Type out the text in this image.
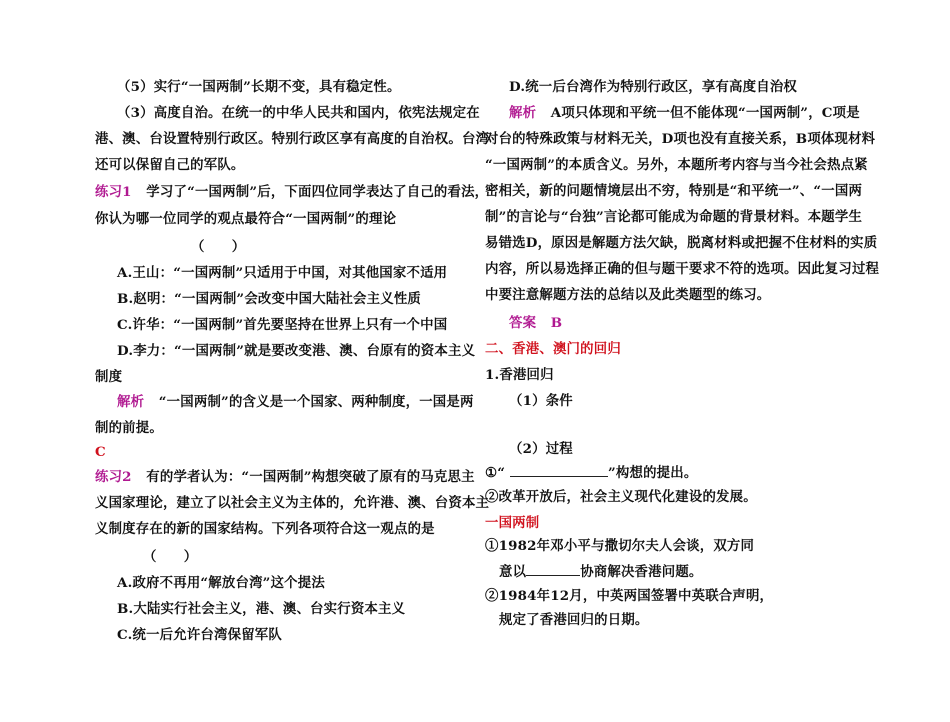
（5）实行“一国两制”长期不变，具有稳定性。
（3）高度自治。在统一的中华人民共和国内，依宪法规定在
港、澳、台设置特别行政区。特别行政区享有高度的自治权。台湾
还可以保留自己的军队。
练习1 学习了“一国两制”后，下面四位同学表达了自己的看法，
你认为哪一位同学的观点最符合“一国两制”的理论
（　　）
A.王山：“一国两制”只适用于中国，对其他国家不适用
B.赵明：“一国两制”会改变中国大陆社会主义性质
C.许华：“一国两制”首先要坚持在世界上只有一个中国
D.李力：“一国两制”就是要改变港、澳、台原有的资本主义
制度
解析 “一国两制”的含义是一个国家、两种制度，一国是两
制的前提。
C
练习2 有的学者认为：“一国两制”构想突破了原有的马克思主
义国家理论，建立了以社会主义为主体的，允许港、澳、台资本主
义制度存在的新的国家结构。下列各项符合这一观点的是
（　　）
A.政府不再用“解放台湾”这个提法
B.大陆实行社会主义，港、澳、台实行资本主义
C.统一后允许台湾保留军队
D.统一后台湾作为特别行政区，享有高度自治权
解析 A项只体现和平统一但不能体现“一国两制”，C项是
对台的特殊政策与材料无关，D项也没有直接关系，B项体现材料
“一国两制”的本质含义。另外，本题所考内容与当今社会热点紧
密相关，新的问题情境层出不穷，特别是“和平统一”、“一国两
制”的言论与“台独”言论都可能成为命题的背景材料。本题学生
易错选D，原因是解题方法欠缺，脱离材料或把握不住材料的实质
内容，所以易选择正确的但与题干要求不符的选项。因此复习过程
中要注意解题方法的总结以及此类题型的练习。
答案 B
二、香港、澳门的回归
1.香港回归
（1）条件
（2）过程
①“	”构想的提出。
②改革开放后，社会主义现代化建设的发展。
一国两制
①1982年邓小平与撒切尔夫人会谈，双方同
意以	协商解决香港问题。
②1984年12月，中英两国签署中英联合声明，
规定了香港回归的日期。
